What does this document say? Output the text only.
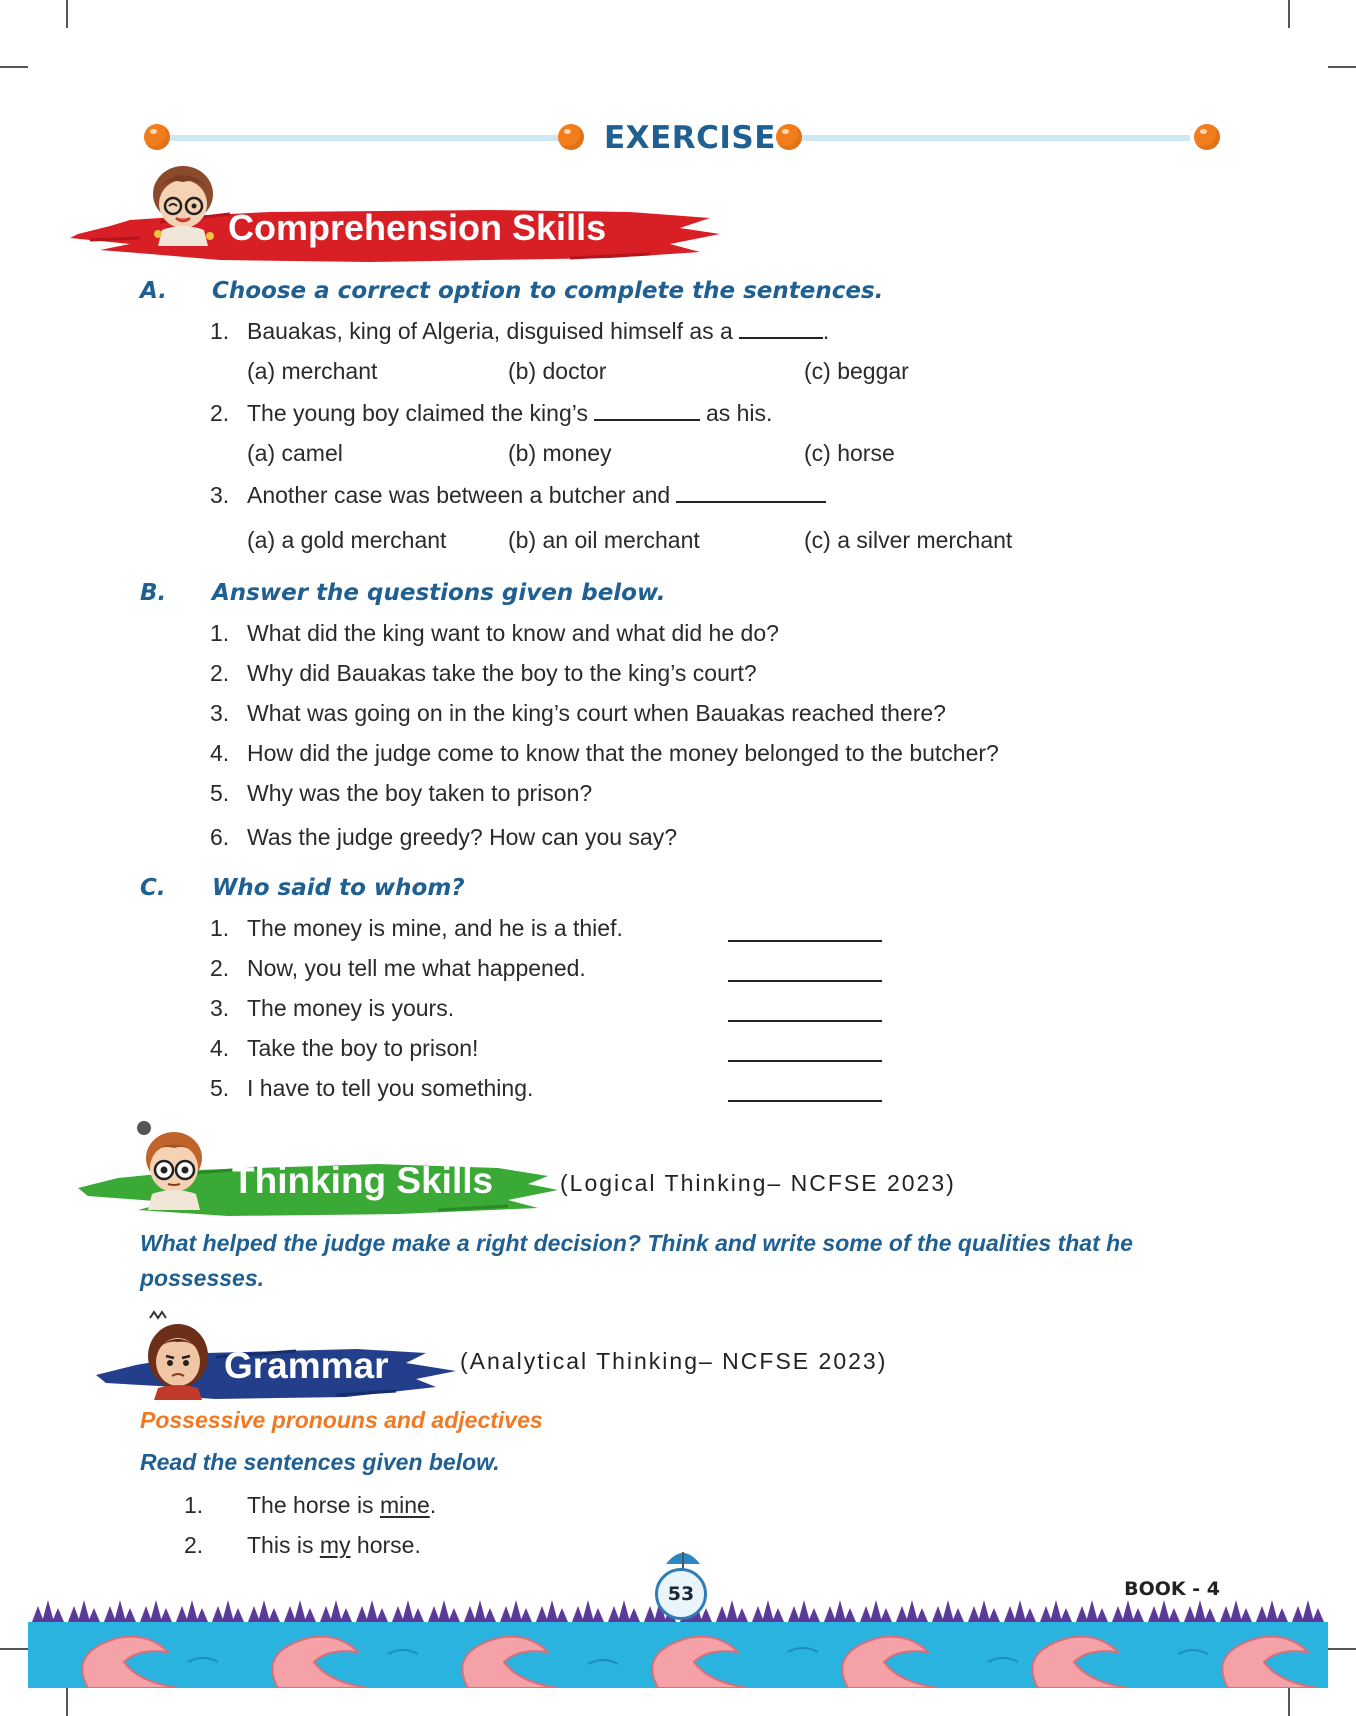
EXERCISE
Comprehension Skills
A. Choose a correct option to complete the sentences.
1. Bauakas, king of Algeria, disguised himself as a	.
(a) merchant	(b) doctor	(c) beggar
2. The young boy claimed the king’s	as his.
(a) camel	(b) money	(c) horse
3. Another case was between a butcher and
(a) a gold merchant	(b) an oil merchant	(c) a silver merchant
B. Answer the questions given below.
1. What did the king want to know and what did he do?
2. Why did Bauakas take the boy to the king’s court?
3. What was going on in the king’s court when Bauakas reached there?
4. How did the judge come to know that the money belonged to the butcher?
5. Why was the boy taken to prison?
6. Was the judge greedy? How can you say?
C. Who said to whom?
1. The money is mine, and he is a thief.
2. Now, you tell me what happened.
3. The money is yours.
4. Take the boy to prison!
5. I have to tell you something.
Thinking Skills	(Logical Thinking– NCFSE 2023)
What helped the judge make a right decision? Think and write some of the qualities that he
possesses.
Grammar	(Analytical Thinking– NCFSE 2023)
Possessive pronouns and adjectives
Read the sentences given below.
1. The horse is mine.
2. This is my horse.
53	BOOK - 4
